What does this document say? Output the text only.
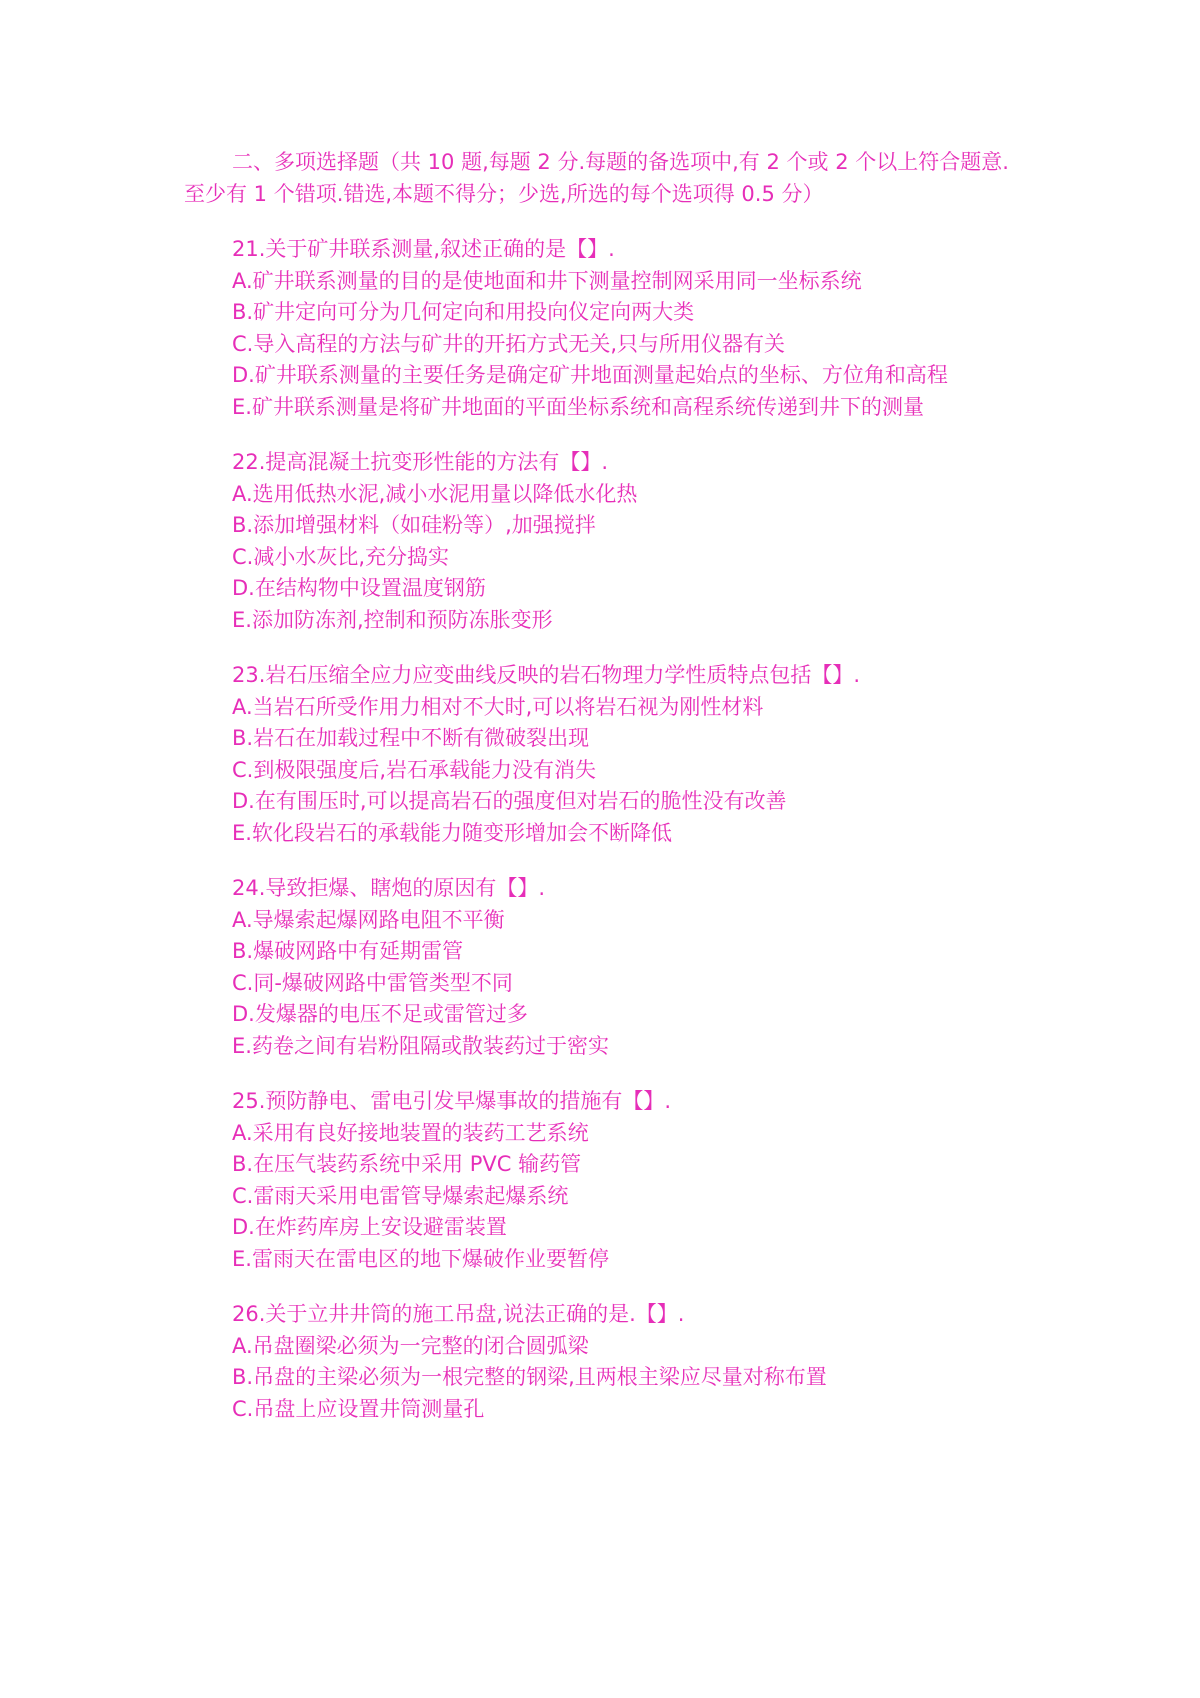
二、多项选择题（共 10 题,每题 2 分.每题的备选项中,有 2 个或 2 个以上符合题意.至少有 1 个错项.错选,本题不得分；少选,所选的每个选项得 0.5 分）

21.关于矿井联系测量,叙述正确的是【】.

A.矿井联系测量的目的是使地面和井下测量控制网采用同一坐标系统

B.矿井定向可分为几何定向和用投向仪定向两大类

C.导入高程的方法与矿井的开拓方式无关,只与所用仪器有关

D.矿井联系测量的主要任务是确定矿井地面测量起始点的坐标、方位角和高程

E.矿井联系测量是将矿井地面的平面坐标系统和高程系统传递到井下的测量

22.提高混凝土抗变形性能的方法有【】.

A.选用低热水泥,减小水泥用量以降低水化热

B.添加增强材料（如硅粉等）,加强搅拌

C.减小水灰比,充分捣实

D.在结构物中设置温度钢筋

E.添加防冻剂,控制和预防冻胀变形

23.岩石压缩全应力应变曲线反映的岩石物理力学性质特点包括【】.

A.当岩石所受作用力相对不大时,可以将岩石视为刚性材料

B.岩石在加载过程中不断有微破裂出现

C.到极限强度后,岩石承载能力没有消失

D.在有围压时,可以提高岩石的强度但对岩石的脆性没有改善

E.软化段岩石的承载能力随变形增加会不断降低

24.导致拒爆、瞎炮的原因有【】.

A.导爆索起爆网路电阻不平衡

B.爆破网路中有延期雷管

C.同-爆破网路中雷管类型不同

D.发爆器的电压不足或雷管过多

E.药卷之间有岩粉阻隔或散装药过于密实

25.预防静电、雷电引发早爆事故的措施有【】.

A.采用有良好接地装置的装药工艺系统

B.在压气装药系统中采用 PVC 输药管

C.雷雨天采用电雷管导爆索起爆系统

D.在炸药库房上安设避雷装置

E.雷雨天在雷电区的地下爆破作业要暂停

26.关于立井井筒的施工吊盘,说法正确的是.【】.

A.吊盘圈梁必须为一完整的闭合圆弧梁

B.吊盘的主梁必须为一根完整的钢梁,且两根主梁应尽量对称布置

C.吊盘上应设置井筒测量孔
